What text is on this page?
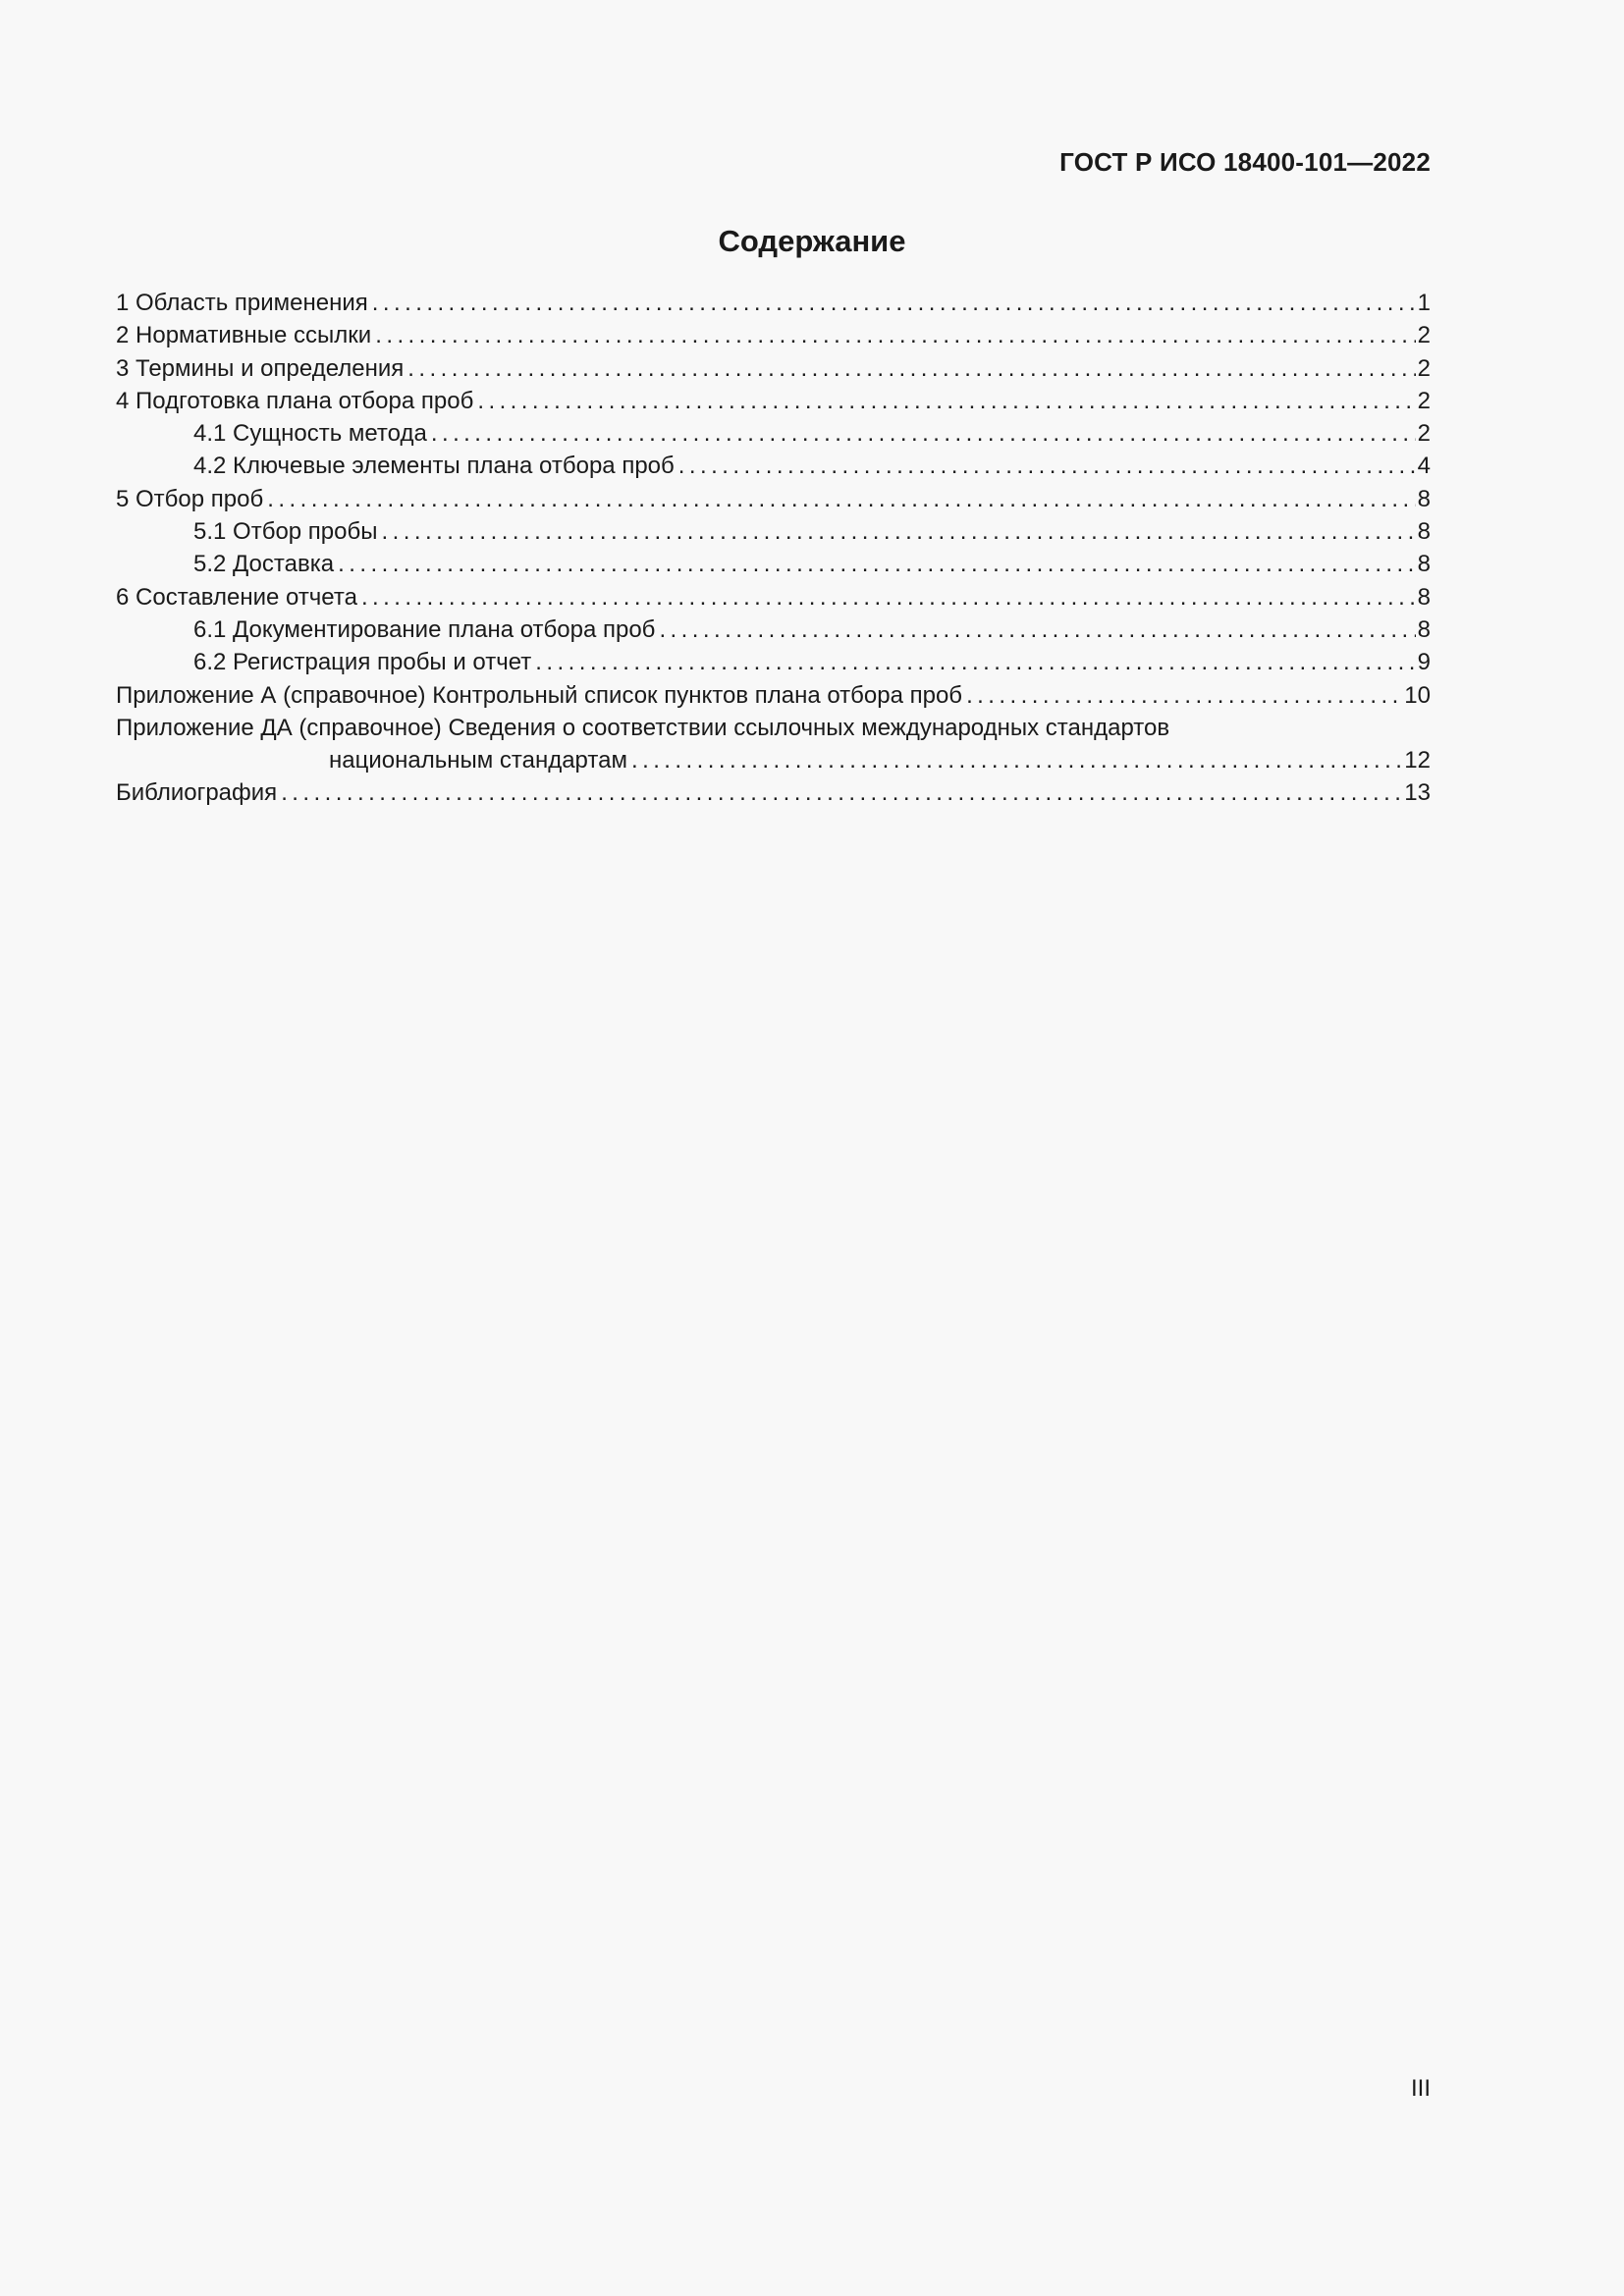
ГОСТ Р ИСО 18400-101—2022
Содержание
1 Область применения .....	1
2 Нормативные ссылки .....	2
3 Термины и определения .....	2
4 Подготовка плана отбора проб .....	2
4.1 Сущность метода .....	2
4.2 Ключевые элементы плана отбора проб .....	4
5 Отбор проб .....	8
5.1 Отбор пробы .....	8
5.2 Доставка .....	8
6 Составление отчета .....	8
6.1 Документирование плана отбора проб .....	8
6.2 Регистрация пробы и отчет .....	9
Приложение А (справочное) Контрольный список пунктов плана отбора проб .....	10
Приложение ДА (справочное) Сведения о соответствии ссылочных международных стандартов
национальным стандартам .....	12
Библиография .....	13
III
